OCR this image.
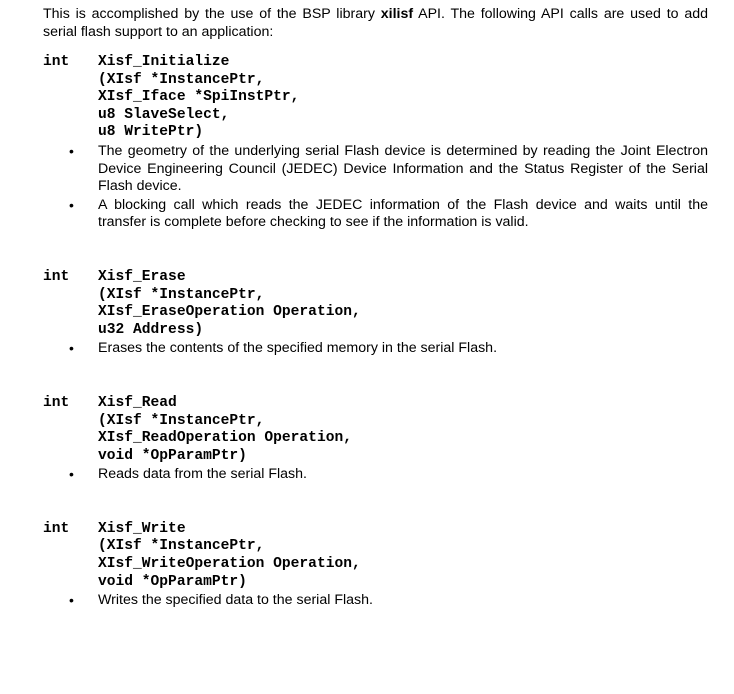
This is accomplished by the use of the BSP library xilisf API. The following API calls are used to add serial flash support to an application:

int	Xisf_Initialize
(XIsf *InstancePtr,
XIsf_Iface *SpiInstPtr,
u8 SlaveSelect,
u8 WritePtr)
• The geometry of the underlying serial Flash device is determined by reading the Joint Electron Device Engineering Council (JEDEC) Device Information and the Status Register of the Serial Flash device.
• A blocking call which reads the JEDEC information of the Flash device and waits until the transfer is complete before checking to see if the information is valid.
int	Xisf_Erase
(XIsf *InstancePtr,
XIsf_EraseOperation Operation,
u32 Address)
• Erases the contents of the specified memory in the serial Flash.
int	Xisf_Read
(XIsf *InstancePtr,
XIsf_ReadOperation Operation,
void *OpParamPtr)
• Reads data from the serial Flash.
int	Xisf_Write
(XIsf *InstancePtr,
XIsf_WriteOperation Operation,
void *OpParamPtr)
• Writes the specified data to the serial Flash.
